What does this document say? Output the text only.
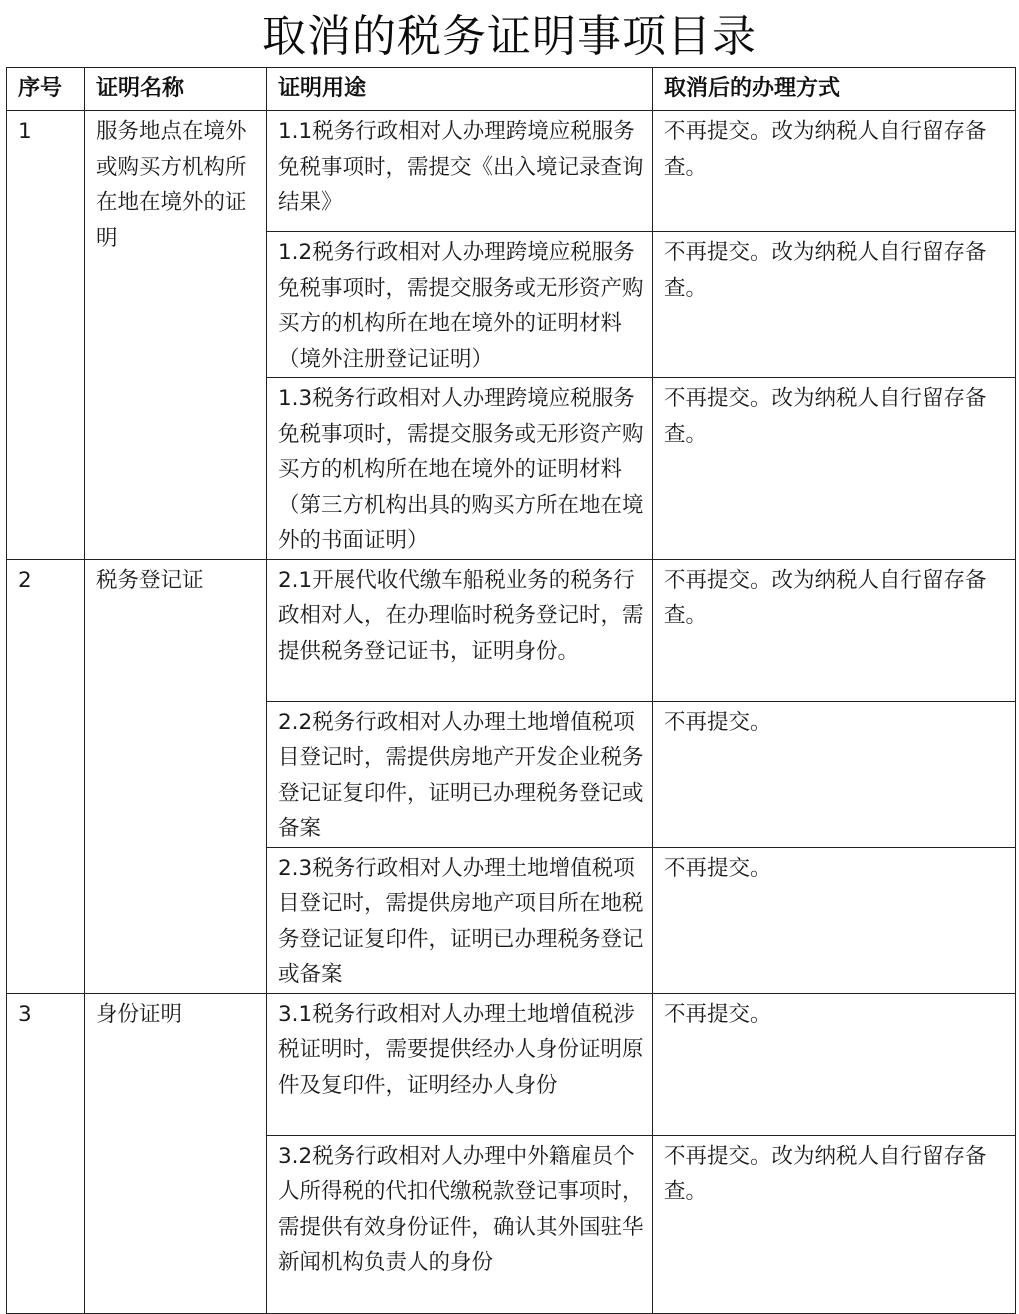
取消的税务证明事项目录
序号	证明名称	证明用途	取消后的办理方式
1	服务地点在境外或购买方机构所在地在境外的证明	1.1税务行政相对人办理跨境应税服务免税事项时，需提交《出入境记录查询结果》	不再提交。改为纳税人自行留存备查。
		1.2税务行政相对人办理跨境应税服务免税事项时，需提交服务或无形资产购买方的机构所在地在境外的证明材料（境外注册登记证明）	不再提交。改为纳税人自行留存备查。
		1.3税务行政相对人办理跨境应税服务免税事项时，需提交服务或无形资产购买方的机构所在地在境外的证明材料（第三方机构出具的购买方所在地在境外的书面证明）	不再提交。改为纳税人自行留存备查。
2	税务登记证	2.1开展代收代缴车船税业务的税务行政相对人，在办理临时税务登记时，需提供税务登记证书，证明身份。	不再提交。改为纳税人自行留存备查。
		2.2税务行政相对人办理土地增值税项目登记时，需提供房地产开发企业税务登记证复印件，证明已办理税务登记或备案	不再提交。
		2.3税务行政相对人办理土地增值税项目登记时，需提供房地产项目所在地税务登记证复印件，证明已办理税务登记或备案	不再提交。
3	身份证明	3.1税务行政相对人办理土地增值税涉税证明时，需要提供经办人身份证明原件及复印件，证明经办人身份	不再提交。
		3.2税务行政相对人办理中外籍雇员个人所得税的代扣代缴税款登记事项时，需提供有效身份证件，确认其外国驻华新闻机构负责人的身份	不再提交。改为纳税人自行留存备查。
